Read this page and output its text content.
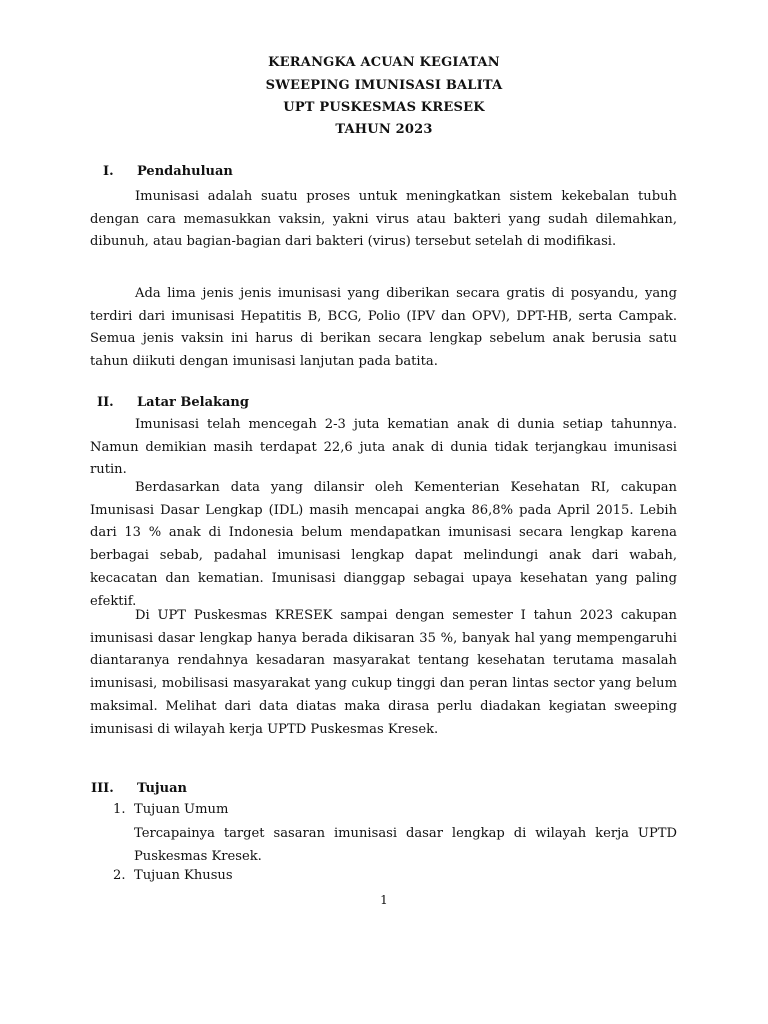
KERANGKA ACUAN KEGIATAN
SWEEPING IMUNISASI BALITA
UPT PUSKESMAS KRESEK
TAHUN 2023
I. Pendahuluan

Imunisasi adalah suatu proses untuk meningkatkan sistem kekebalan tubuh dengan cara memasukkan vaksin, yakni virus atau bakteri yang sudah dilemahkan, dibunuh, atau bagian-bagian dari bakteri (virus) tersebut setelah di modifikasi.

Ada lima jenis jenis imunisasi yang diberikan secara gratis di posyandu, yang terdiri dari imunisasi Hepatitis B, BCG, Polio (IPV dan OPV), DPT-HB, serta Campak. Semua jenis vaksin ini harus di berikan secara lengkap sebelum anak berusia satu tahun diikuti dengan imunisasi lanjutan pada batita.

II. Latar Belakang

Imunisasi telah mencegah 2-3 juta kematian anak di dunia setiap tahunnya. Namun demikian masih terdapat 22,6 juta anak di dunia tidak terjangkau imunisasi rutin.

Berdasarkan data yang dilansir oleh Kementerian Kesehatan RI, cakupan Imunisasi Dasar Lengkap (IDL) masih mencapai angka 86,8% pada April 2015. Lebih dari 13 % anak di Indonesia belum mendapatkan imunisasi secara lengkap karena berbagai sebab, padahal imunisasi lengkap dapat melindungi anak dari wabah, kecacatan dan kematian. Imunisasi dianggap sebagai upaya kesehatan yang paling efektif.

Di UPT Puskesmas KRESEK sampai dengan semester I tahun 2023 cakupan imunisasi dasar lengkap hanya berada dikisaran 35 %, banyak hal yang mempengaruhi diantaranya rendahnya kesadaran masyarakat tentang kesehatan terutama masalah imunisasi, mobilisasi masyarakat yang cukup tinggi dan peran lintas sector yang belum maksimal. Melihat dari data diatas maka dirasa perlu diadakan kegiatan sweeping imunisasi di wilayah kerja UPTD Puskesmas Kresek.

III. Tujuan
1. Tujuan Umum

Tercapainya target sasaran imunisasi dasar lengkap di wilayah kerja UPTD Puskesmas Kresek.

2. Tujuan Khusus
1
